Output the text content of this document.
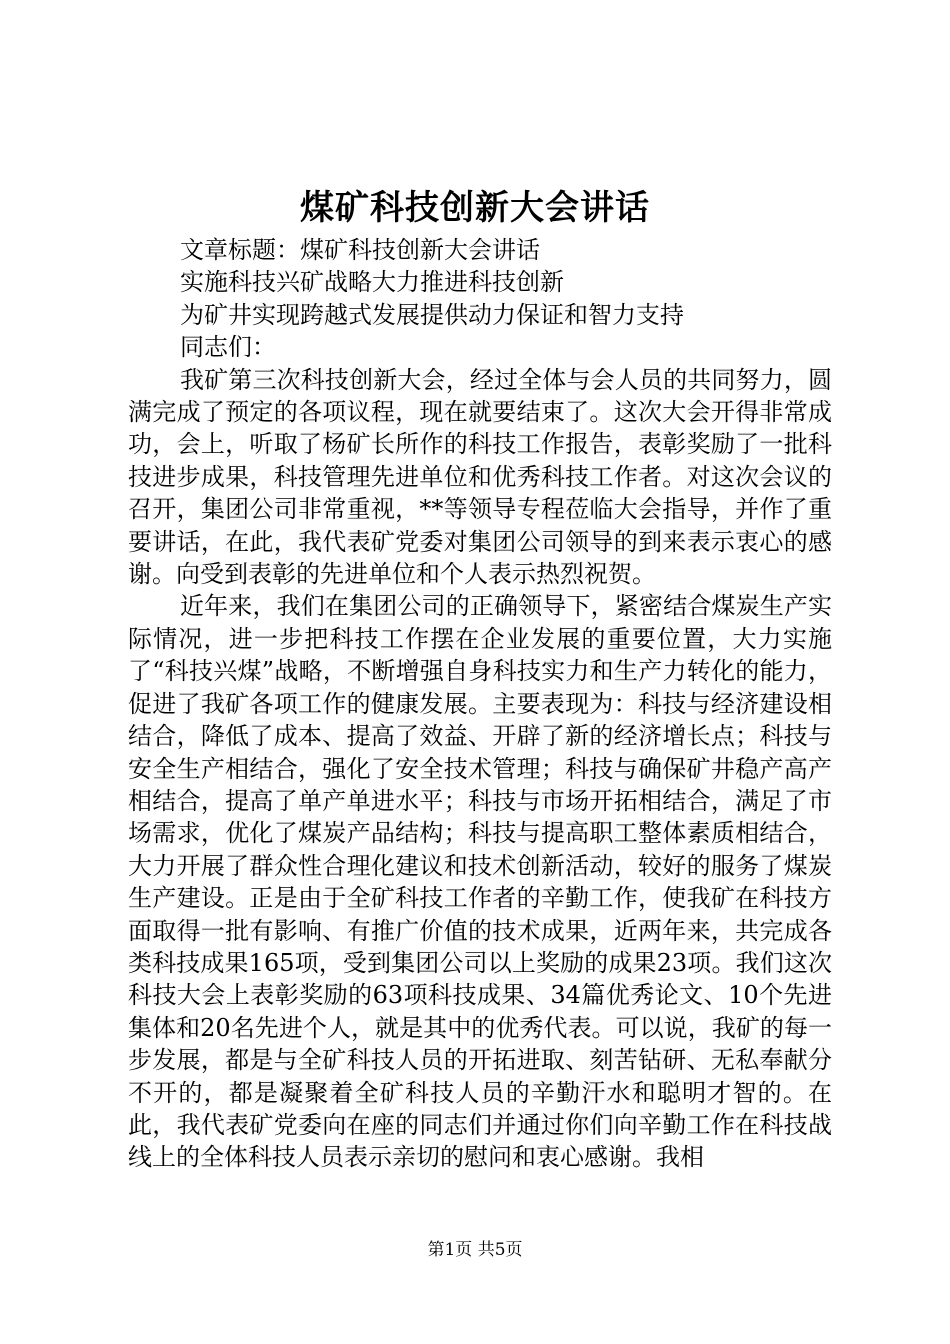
煤矿科技创新大会讲话

文章标题：煤矿科技创新大会讲话

实施科技兴矿战略大力推进科技创新

为矿井实现跨越式发展提供动力保证和智力支持

同志们：

我矿第三次科技创新大会，经过全体与会人员的共同努力，圆满完成了预定的各项议程，现在就要结束了。这次大会开得非常成功，会上，听取了杨矿长所作的科技工作报告，表彰奖励了一批科技进步成果，科技管理先进单位和优秀科技工作者。对这次会议的召开，集团公司非常重视，**等领导专程莅临大会指导，并作了重要讲话，在此，我代表矿党委对集团公司领导的到来表示衷心的感谢。向受到表彰的先进单位和个人表示热烈祝贺。

近年来，我们在集团公司的正确领导下，紧密结合煤炭生产实际情况，进一步把科技工作摆在企业发展的重要位置，大力实施了“科技兴煤”战略，不断增强自身科技实力和生产力转化的能力，促进了我矿各项工作的健康发展。主要表现为：科技与经济建设相结合，降低了成本、提高了效益、开辟了新的经济增长点；科技与安全生产相结合，强化了安全技术管理；科技与确保矿井稳产高产相结合，提高了单产单进水平；科技与市场开拓相结合，满足了市场需求，优化了煤炭产品结构；科技与提高职工整体素质相结合，大力开展了群众性合理化建议和技术创新活动，较好的服务了煤炭生产建设。正是由于全矿科技工作者的辛勤工作，使我矿在科技方面取得一批有影响、有推广价值的技术成果，近两年来，共完成各类科技成果165项，受到集团公司以上奖励的成果23项。我们这次科技大会上表彰奖励的63项科技成果、34篇优秀论文、10个先进集体和20名先进个人，就是其中的优秀代表。可以说，我矿的每一步发展，都是与全矿科技人员的开拓进取、刻苦钻研、无私奉献分不开的，都是凝聚着全矿科技人员的辛勤汗水和聪明才智的。在此，我代表矿党委向在座的同志们并通过你们向辛勤工作在科技战线上的全体科技人员表示亲切的慰问和衷心感谢。我相

第1页 共5页
